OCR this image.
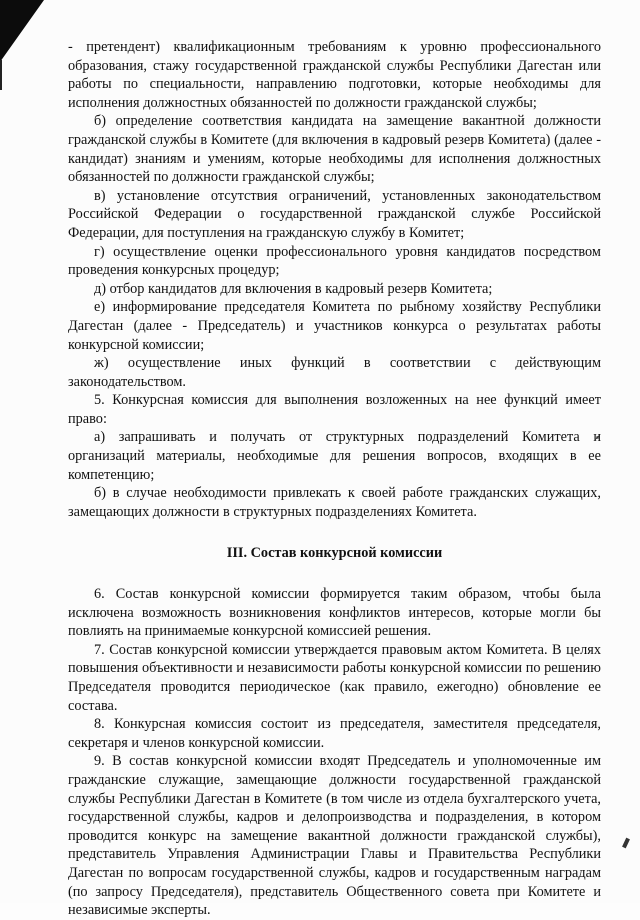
- претендент) квалификационным требованиям к уровню профессионального образования, стажу государственной гражданской службы Республики Дагестан или работы по специальности, направлению подготовки, которые необходимы для исполнения должностных обязанностей по должности гражданской службы;

б) определение соответствия кандидата на замещение вакантной должности гражданской службы в Комитете (для включения в кадровый резерв Комитета) (далее - кандидат) знаниям и умениям, которые необходимы для исполнения должностных обязанностей по должности гражданской службы;

в) установление отсутствия ограничений, установленных законодательством Российской Федерации о государственной гражданской службе Российской Федерации, для поступления на гражданскую службу в Комитет;

г) осуществление оценки профессионального уровня кандидатов посредством проведения конкурсных процедур;

д) отбор кандидатов для включения в кадровый резерв Комитета;

е) информирование председателя Комитета по рыбному хозяйству Республики Дагестан (далее - Председатель) и участников конкурса о результатах работы конкурсной комиссии;

ж) осуществление иных функций в соответствии с действующим законодательством.

5. Конкурсная комиссия для выполнения возложенных на нее функций имеет право:

а) запрашивать и получать от структурных подразделений Комитета и организаций материалы, необходимые для решения вопросов, входящих в ее компетенцию;

б) в случае необходимости привлекать к своей работе гражданских служащих, замещающих должности в структурных подразделениях Комитета.

III. Состав конкурсной комиссии

6. Состав конкурсной комиссии формируется таким образом, чтобы была исключена возможность возникновения конфликтов интересов, которые могли бы повлиять на принимаемые конкурсной комиссией решения.

7. Состав конкурсной комиссии утверждается правовым актом Комитета. В целях повышения объективности и независимости работы конкурсной комиссии по решению Председателя проводится периодическое (как правило, ежегодно) обновление ее состава.

8. Конкурсная комиссия состоит из председателя, заместителя председателя, секретаря и членов конкурсной комиссии.

9. В состав конкурсной комиссии входят Председатель и уполномоченные им гражданские служащие, замещающие должности государственной гражданской службы Республики Дагестан в Комитете (в том числе из отдела бухгалтерского учета, государственной службы, кадров и делопроизводства и подразделения, в котором проводится конкурс на замещение вакантной должности гражданской службы), представитель Управления Администрации Главы и Правительства Республики Дагестан по вопросам государственной службы, кадров и государственным наградам (по запросу Председателя), представитель Общественного совета при Комитете и независимые эксперты.
